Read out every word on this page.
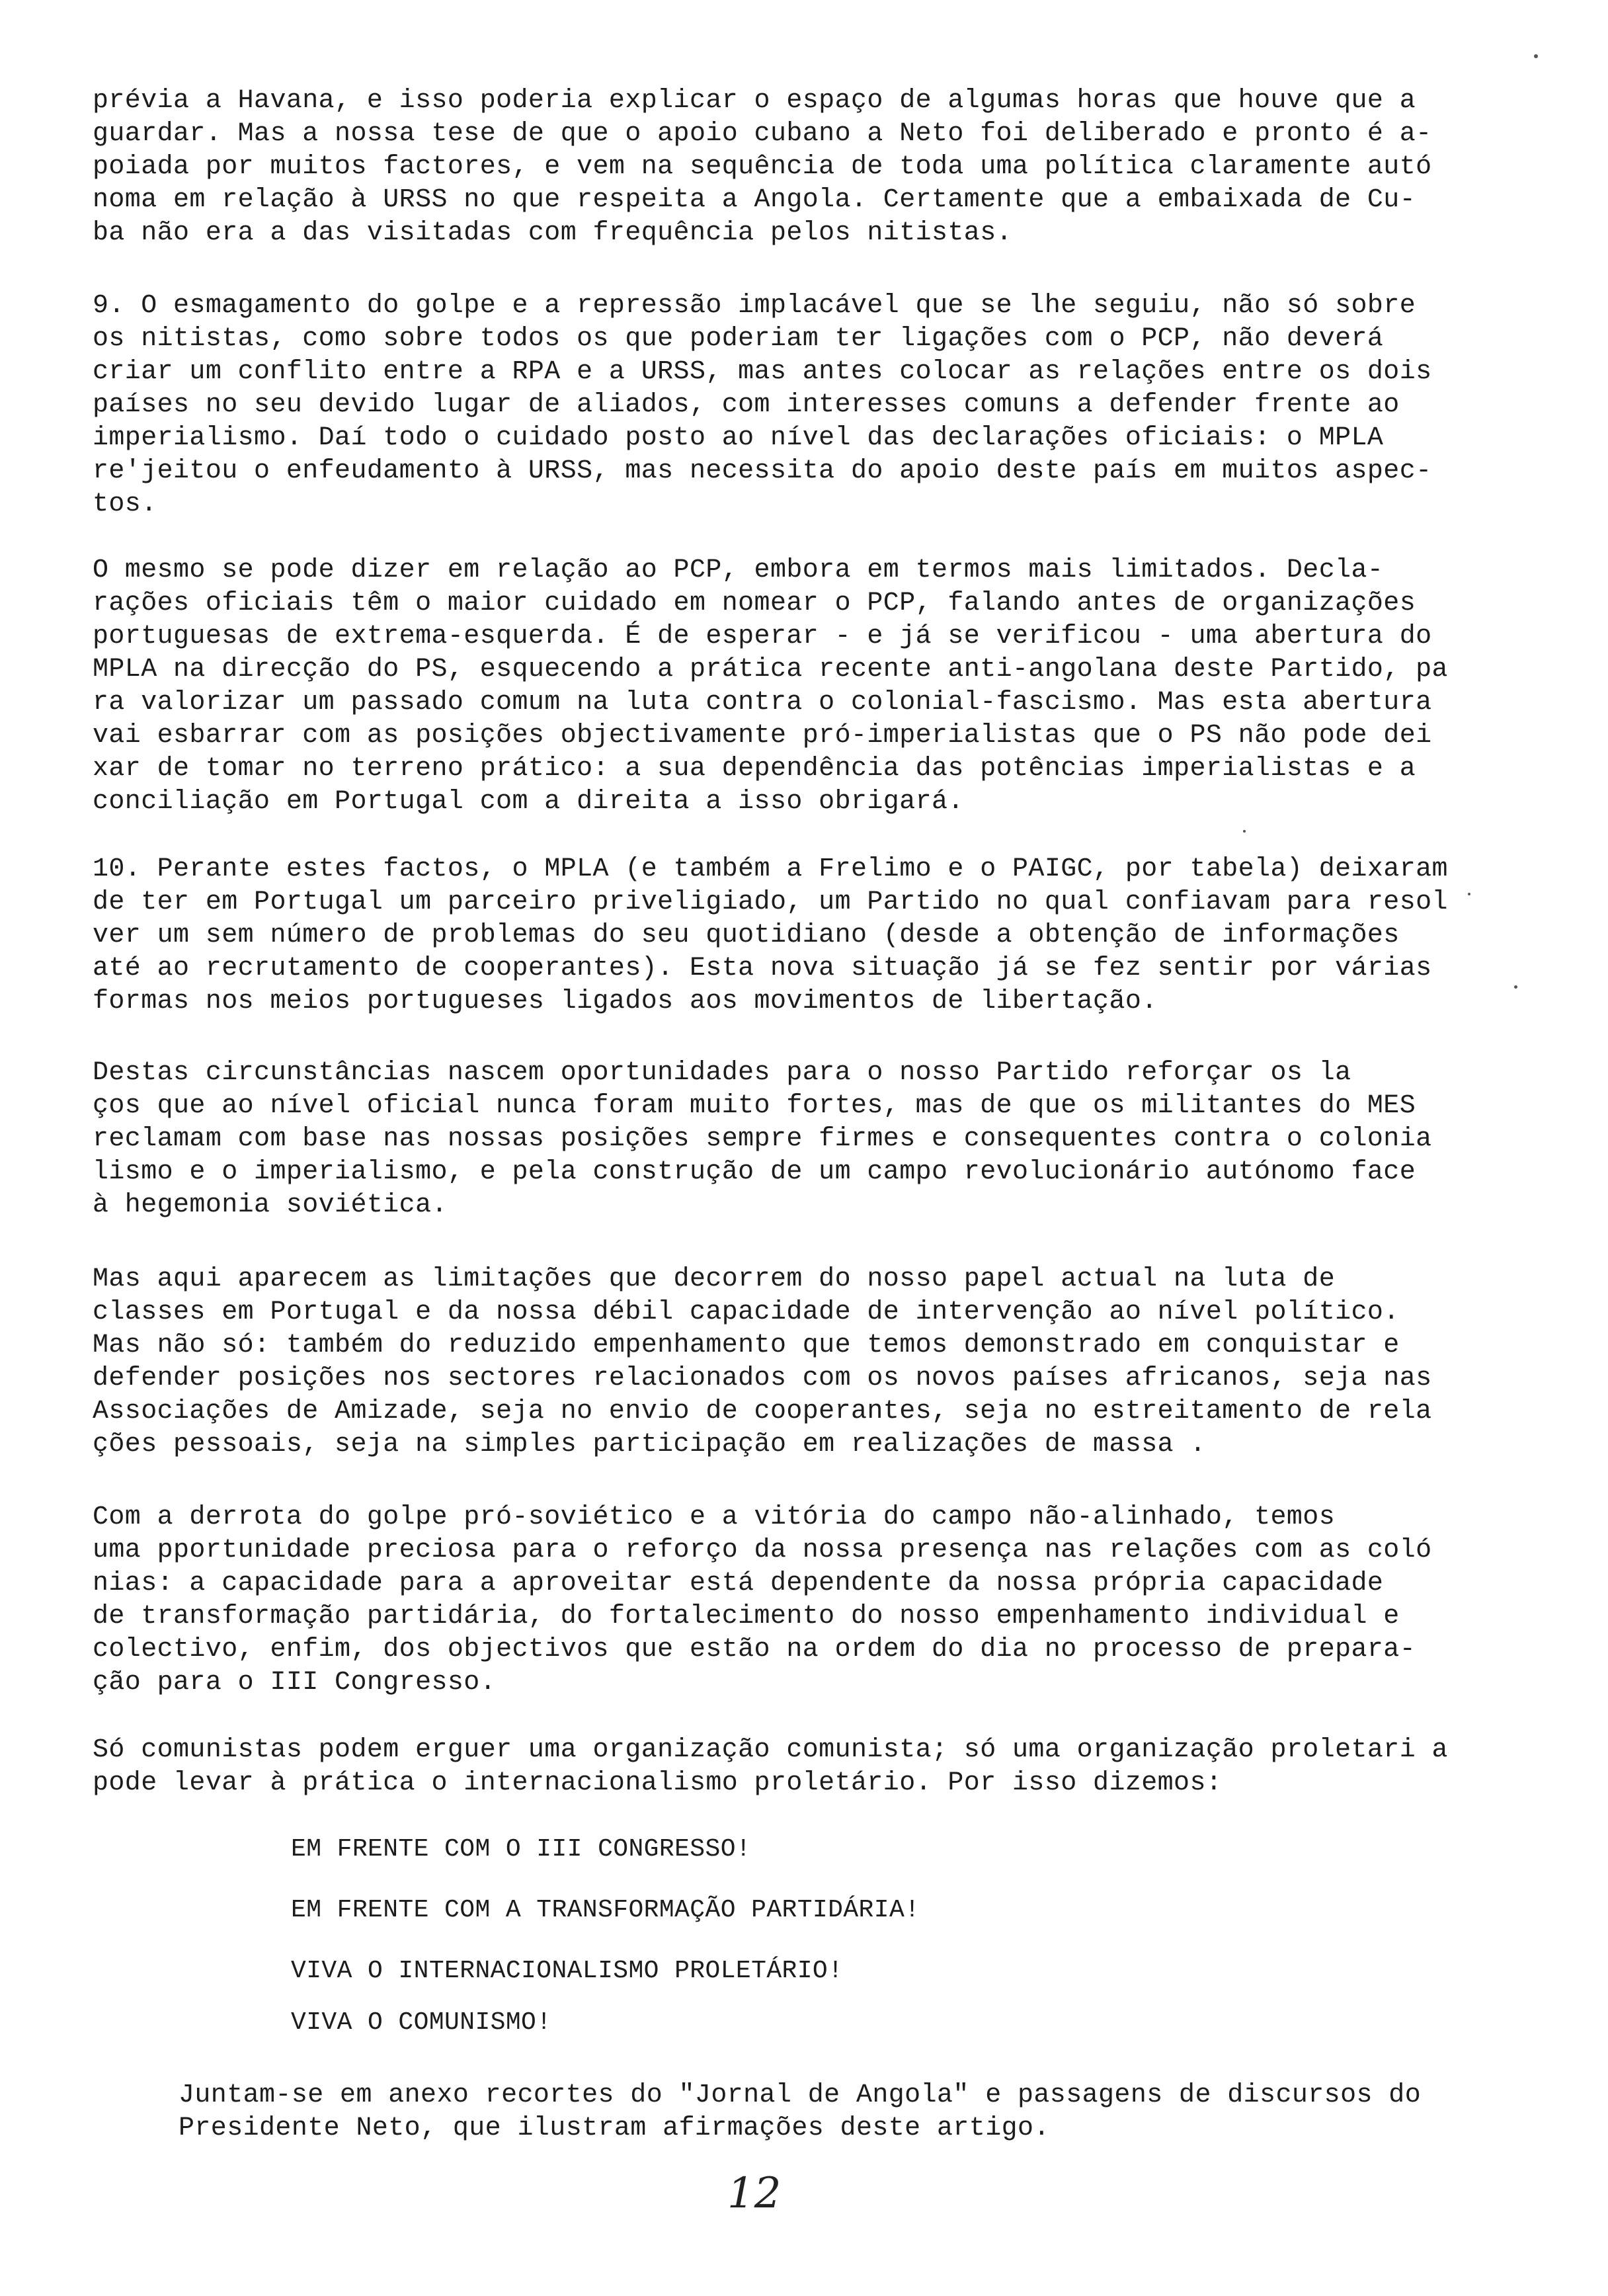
prévia a Havana, e isso poderia explicar o espaço de algumas horas que houve que a
guardar. Mas a nossa tese de que o apoio cubano a Neto foi deliberado e pronto é a-
poiada por muitos factores, e vem na sequência de toda uma política claramente autó
noma em relação à URSS no que respeita a Angola. Certamente que a embaixada de Cu-
ba não era a das visitadas com frequência pelos nitistas.
9. O esmagamento do golpe e a repressão implacável que se lhe seguiu, não só sobre
os nitistas, como sobre todos os que poderiam ter ligações com o PCP, não deverá
criar um conflito entre a RPA e a URSS, mas antes colocar as relações entre os dois
países no seu devido lugar de aliados, com interesses comuns a defender frente ao
imperialismo. Daí todo o cuidado posto ao nível das declarações oficiais: o MPLA
re'jeitou o enfeudamento à URSS, mas necessita do apoio deste país em muitos aspec-
tos.
O mesmo se pode dizer em relação ao PCP, embora em termos mais limitados. Decla-
rações oficiais têm o maior cuidado em nomear o PCP, falando antes de organizações
portuguesas de extrema-esquerda. É de esperar - e já se verificou - uma abertura do
MPLA na direcção do PS, esquecendo a prática recente anti-angolana deste Partido, pa
ra valorizar um passado comum na luta contra o colonial-fascismo. Mas esta abertura
vai esbarrar com as posições objectivamente pró-imperialistas que o PS não pode dei
xar de tomar no terreno prático: a sua dependência das potências imperialistas e a
conciliação em Portugal com a direita a isso obrigará.
10. Perante estes factos, o MPLA (e também a Frelimo e o PAIGC, por tabela) deixaram
de ter em Portugal um parceiro priveligiado, um Partido no qual confiavam para resol
ver um sem número de problemas do seu quotidiano (desde a obtenção de informações
até ao recrutamento de cooperantes). Esta nova situação já se fez sentir por várias
formas nos meios portugueses ligados aos movimentos de libertação.
Destas circunstâncias nascem oportunidades para o nosso Partido reforçar os la
ços que ao nível oficial nunca foram muito fortes, mas de que os militantes do MES
reclamam com base nas nossas posições sempre firmes e consequentes contra o colonia
lismo e o imperialismo, e pela construção de um campo revolucionário autónomo face
à hegemonia soviética.
Mas aqui aparecem as limitações que decorrem do nosso papel actual na luta de
classes em Portugal e da nossa débil capacidade de intervenção ao nível político.
Mas não só: também do reduzido empenhamento que temos demonstrado em conquistar e
defender posições nos sectores relacionados com os novos países africanos, seja nas
Associações de Amizade, seja no envio de cooperantes, seja no estreitamento de rela
ções pessoais, seja na simples participação em realizações de massa .
Com a derrota do golpe pró-soviético e a vitória do campo não-alinhado, temos
uma pportunidade preciosa para o reforço da nossa presença nas relações com as coló
nias: a capacidade para a aproveitar está dependente da nossa própria capacidade
de transformação partidária, do fortalecimento do nosso empenhamento individual e
colectivo, enfim, dos objectivos que estão na ordem do dia no processo de prepara-
ção para o III Congresso.
Só comunistas podem erguer uma organização comunista; só uma organização proletari a
pode levar à prática o internacionalismo proletário. Por isso dizemos:
EM FRENTE COM O III CONGRESSO!
EM FRENTE COM A TRANSFORMAÇÃO PARTIDÁRIA!
VIVA O INTERNACIONALISMO PROLETÁRIO!
VIVA O COMUNISMO!
Juntam-se em anexo recortes do "Jornal de Angola" e passagens de discursos do
Presidente Neto, que ilustram afirmações deste artigo.
12
